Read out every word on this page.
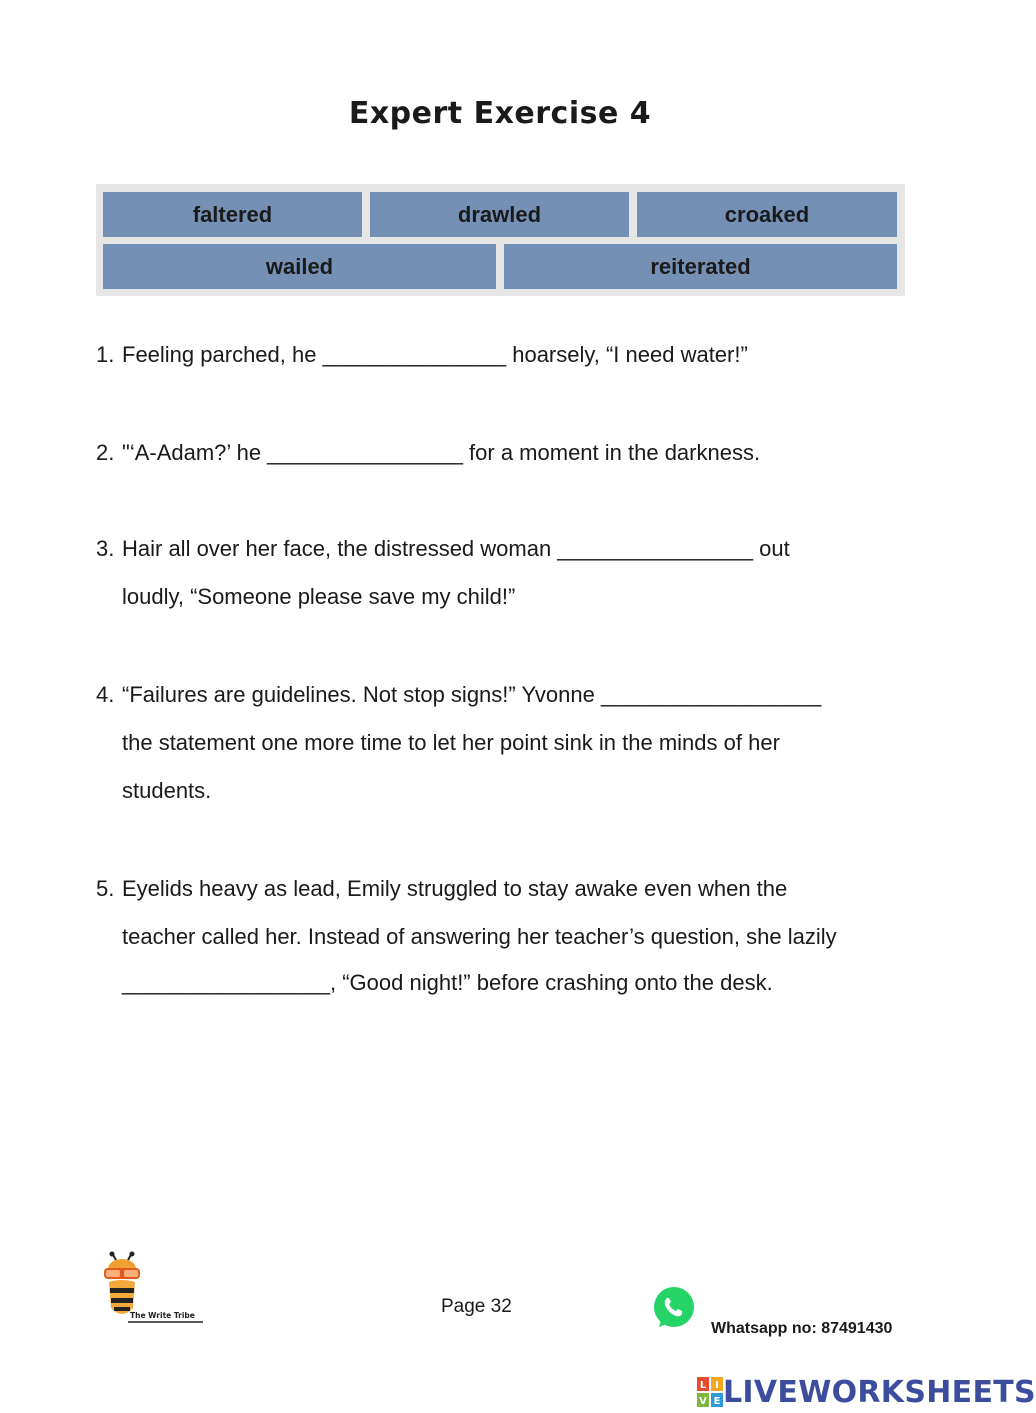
Expert Exercise 4
faltered	drawled	croaked
wailed	reiterated
1. Feeling parched, he _______________ hoarsely, “I need water!”
2. "‘A-Adam?’ he ________________ for a moment in the darkness.
3. Hair all over her face, the distressed woman ________________ out
loudly, “Someone please save my child!”
4. “Failures are guidelines. Not stop signs!” Yvonne __________________
the statement one more time to let her point sink in the minds of her
students.
5. Eyelids heavy as lead, Emily struggled to stay awake even when the
teacher called her. Instead of answering her teacher’s question, she lazily
_________________, “Good night!” before crashing onto the desk.
The Write Tribe	Page 32
Whatsapp no: 87491430
L I
V E LIVEWORKSHEETS
